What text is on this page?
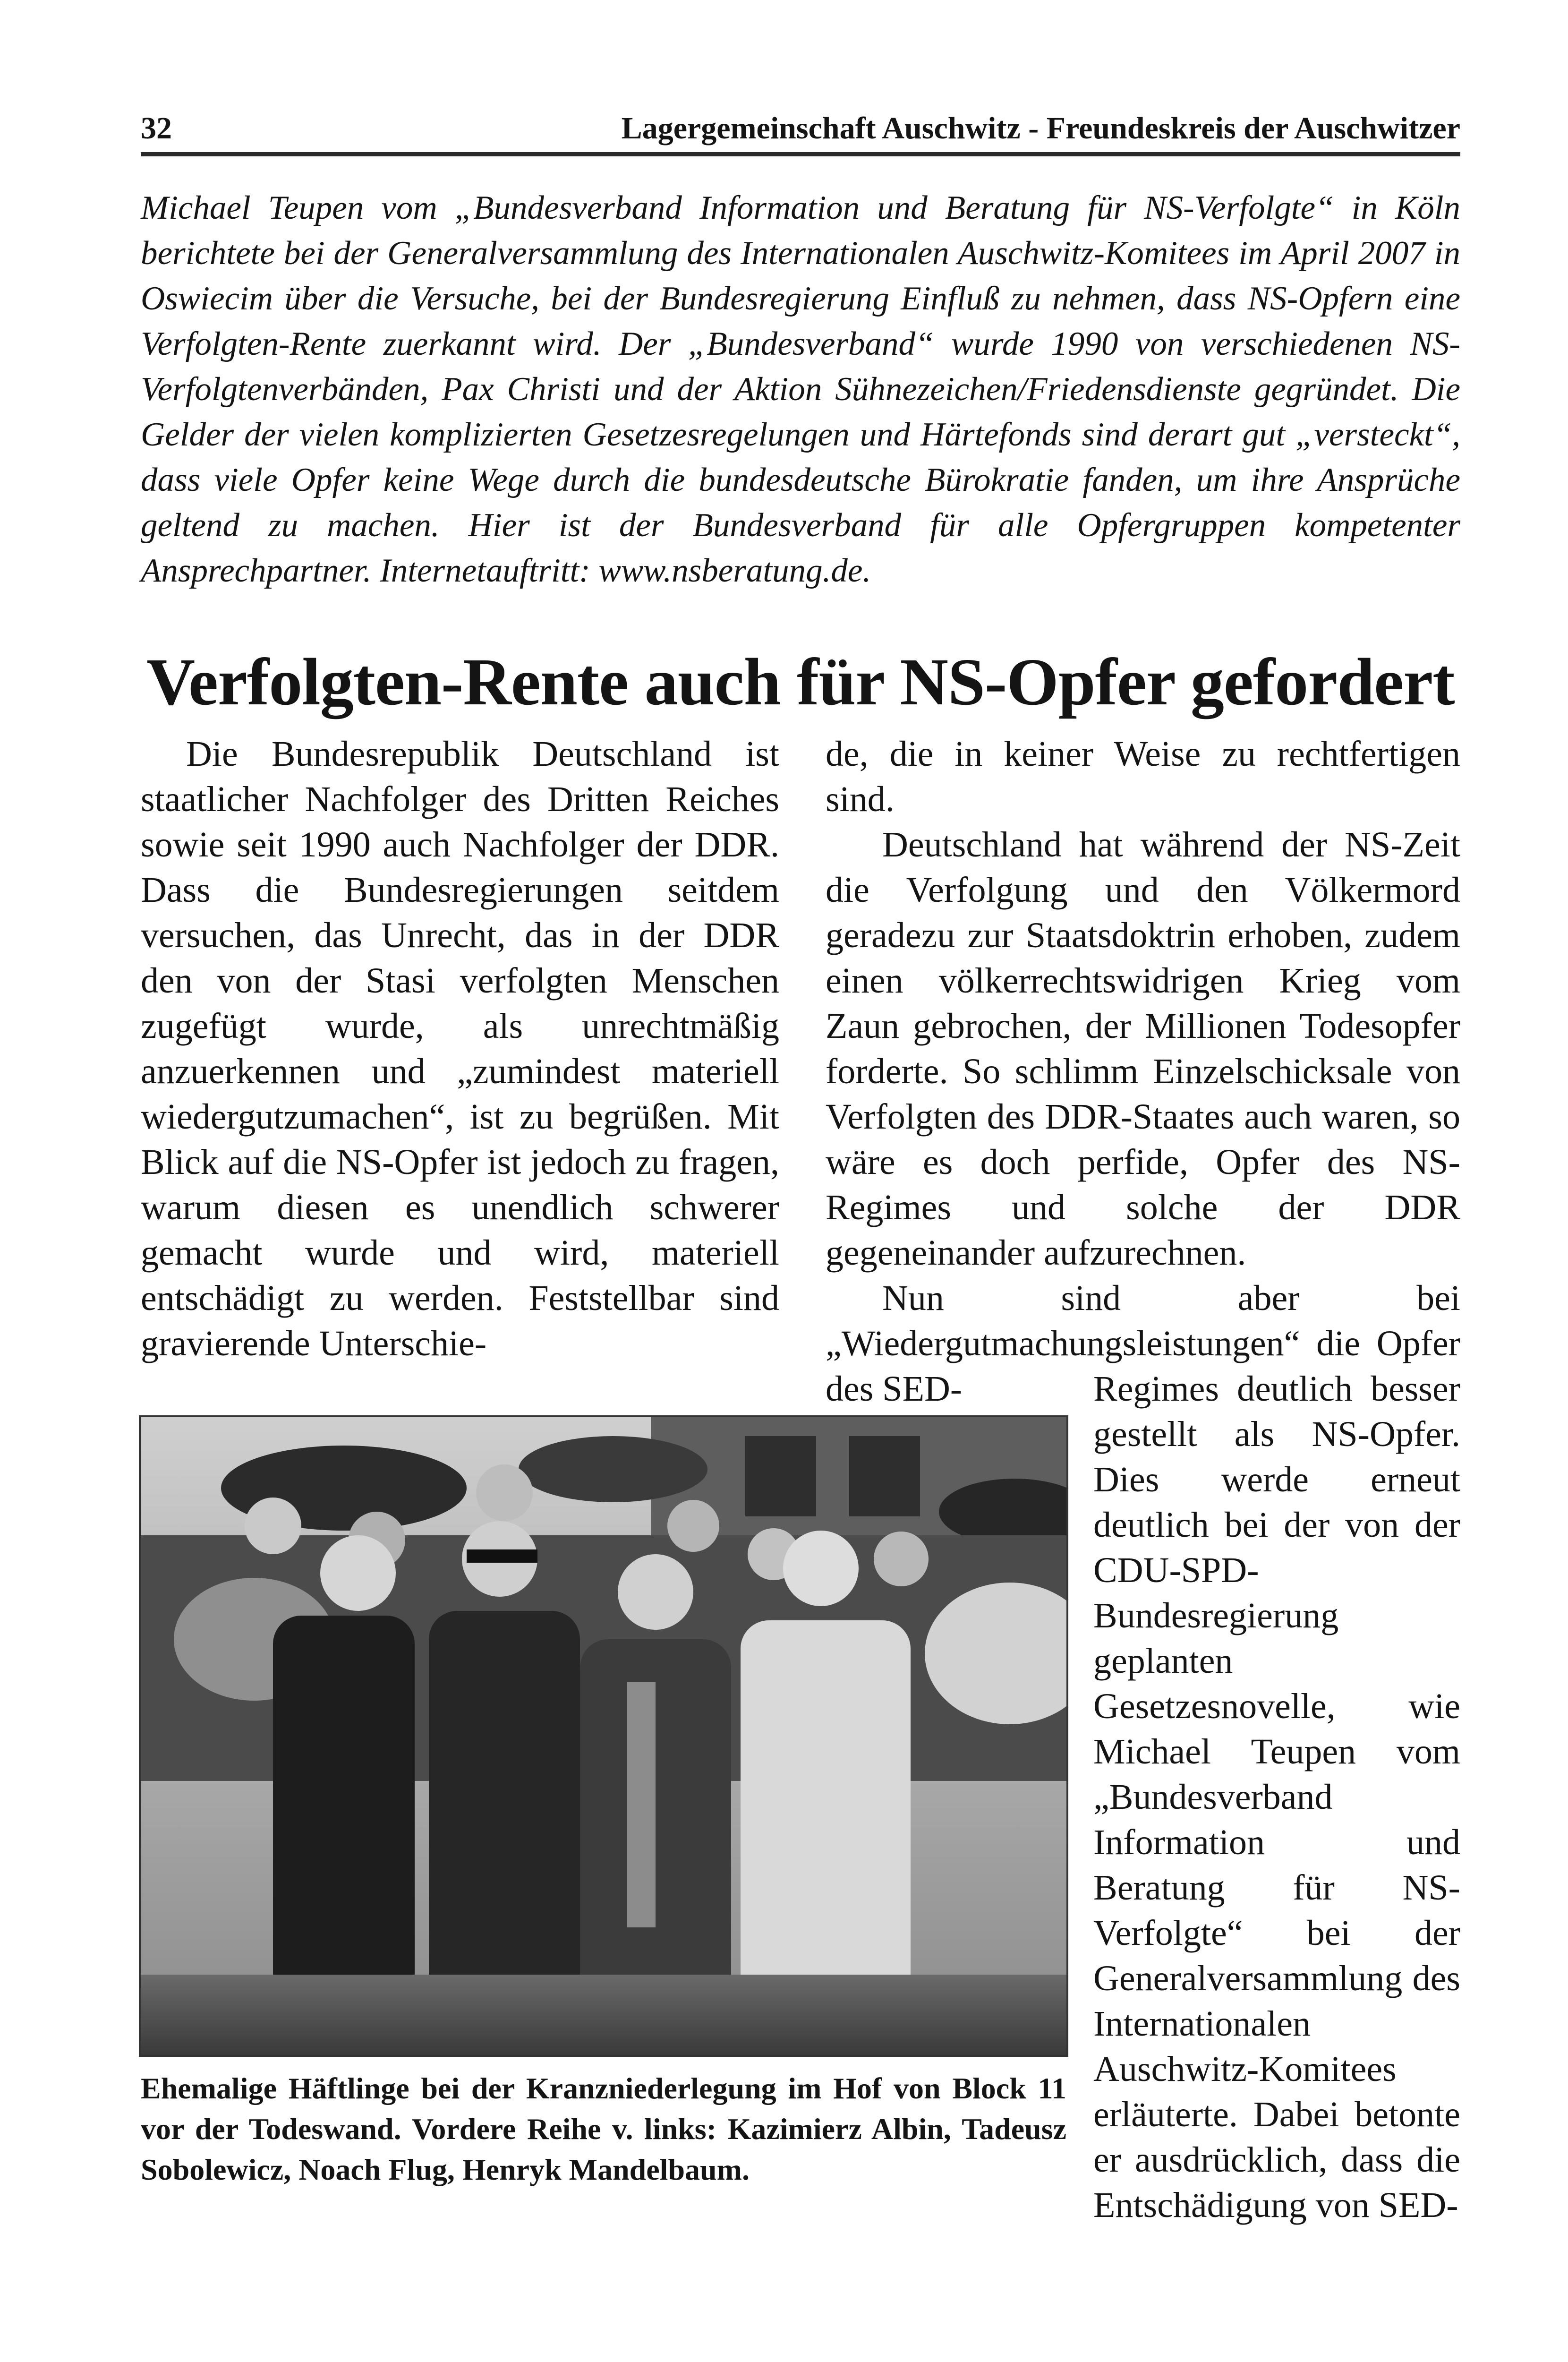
32	Lagergemeinschaft Auschwitz - Freundeskreis der Auschwitzer

Michael Teupen vom „Bundesverband Information und Beratung für NS-Verfolgte“ in Köln berichtete bei der Generalversammlung des Internationalen Auschwitz-Komitees im April 2007 in Oswiecim über die Versuche, bei der Bundesregierung Einfluß zu nehmen, dass NS-Opfern eine Verfolgten-Rente zuerkannt wird. Der „Bundesverband“ wurde 1990 von verschiedenen NS-Verfolgtenverbänden, Pax Christi und der Aktion Sühnezeichen/Friedensdienste gegründet. Die Gelder der vielen komplizierten Gesetzesregelungen und Härtefonds sind derart gut „versteckt“, dass viele Opfer keine Wege durch die bundesdeutsche Bürokratie fanden, um ihre Ansprüche geltend zu machen. Hier ist der Bundesverband für alle Opfergruppen kompetenter Ansprechpartner. Internetauftritt: www.nsberatung.de.

Verfolgten-Rente auch für NS-Opfer gefordert

Die Bundesrepublik Deutschland ist staatlicher Nachfolger des Dritten Reiches sowie seit 1990 auch Nachfolger der DDR. Dass die Bundesregierungen seitdem versuchen, das Unrecht, das in der DDR den von der Stasi verfolgten Menschen zugefügt wurde, als unrechtmäßig anzuerkennen und „zumindest materiell wiedergutzumachen“, ist zu begrüßen. Mit Blick auf die NS-Opfer ist jedoch zu fragen, warum diesen es unendlich schwerer gemacht wurde und wird, materiell entschädigt zu werden. Feststellbar sind gravierende Unterschie-

de, die in keiner Weise zu rechtfertigen sind.

Deutschland hat während der NS-Zeit die Verfolgung und den Völkermord geradezu zur Staatsdoktrin erhoben, zudem einen völkerrechtswidrigen Krieg vom Zaun gebrochen, der Millionen Todesopfer forderte. So schlimm Einzelschicksale von Verfolgten des DDR-Staates auch waren, so wäre es doch perfide, Opfer des NS-Regimes und solche der DDR gegeneinander aufzurechnen.

Nun sind aber bei „Wiedergutmachungsleistungen“ die Opfer des SED-	Regimes deutlich besser gestellt als NS-Opfer. Dies werde erneut deutlich bei der von der CDU-SPD-Bundesregierung geplanten Gesetzesnovelle, wie Michael Teupen vom „Bundesverband Information und Beratung für NS-Verfolgte“ bei der Generalversammlung des Internationalen Auschwitz-Komitees erläuterte. Dabei betonte er ausdrücklich, dass die Entschädigung von SED-

Ehemalige Häftlinge bei der Kranzniederlegung im Hof von Block 11 vor der Todeswand. Vordere Reihe v. links: Kazimierz Albin, Tadeusz Sobolewicz, Noach Flug, Henryk Mandelbaum.
